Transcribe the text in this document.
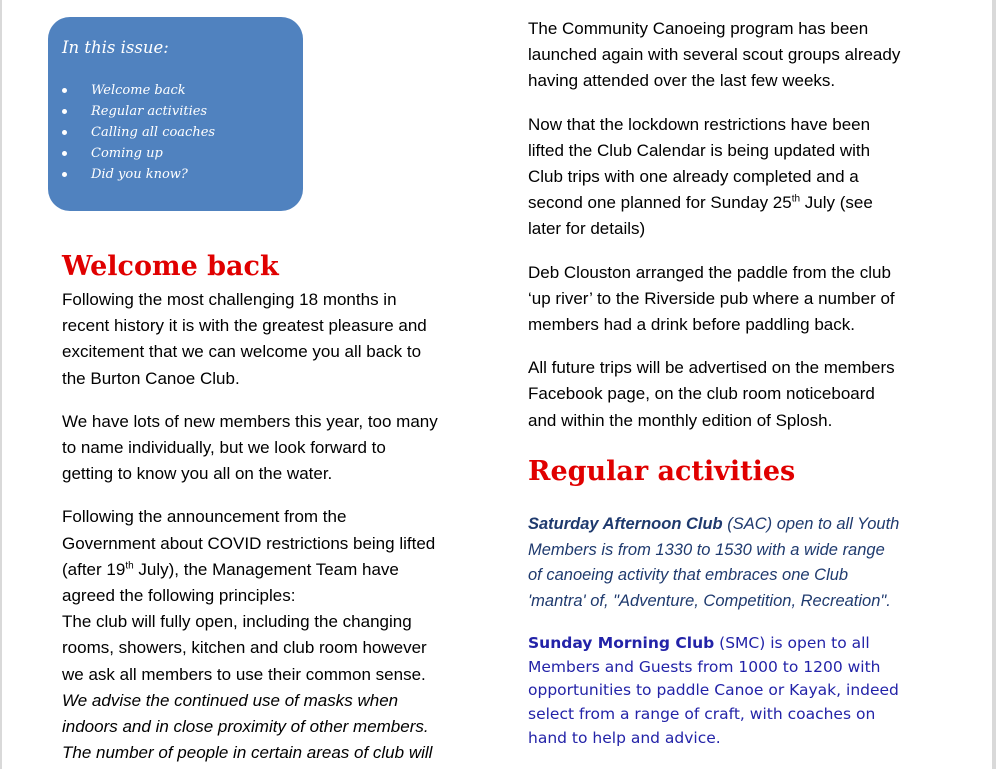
In this issue:
Welcome back
Regular activities
Calling all coaches
Coming up
Did you know?
Welcome back

Following the most challenging 18 months in

recent history it is with the greatest pleasure and

excitement that we can welcome you all back to

the Burton Canoe Club.

We have lots of new members this year, too many

to name individually, but we look forward to

getting to know you all on the water.

Following the announcement from the

Government about COVID restrictions being lifted

(after 19th July), the Management Team have

agreed the following principles:

The club will fully open, including the changing

rooms, showers, kitchen and club room however

we ask all members to use their common sense.

We advise the continued use of masks when

indoors and in close proximity of other members.

The number of people in certain areas of club will

The Community Canoeing program has been

launched again with several scout groups already

having attended over the last few weeks.

Now that the lockdown restrictions have been

lifted the Club Calendar is being updated with

Club trips with one already completed and a

second one planned for Sunday 25th July (see

later for details)

Deb Clouston arranged the paddle from the club

‘up river’ to the Riverside pub where a number of

members had a drink before paddling back.

All future trips will be advertised on the members

Facebook page, on the club room noticeboard

and within the monthly edition of Splosh.

Regular activities

Saturday Afternoon Club (SAC) open to all Youth

Members is from 1330 to 1530 with a wide range

of canoeing activity that embraces one Club

'mantra' of, "Adventure, Competition, Recreation".

Sunday Morning Club (SMC) is open to all

Members and Guests from 1000 to 1200 with

opportunities to paddle Canoe or Kayak, indeed

select from a range of craft, with coaches on

hand to help and advice.
